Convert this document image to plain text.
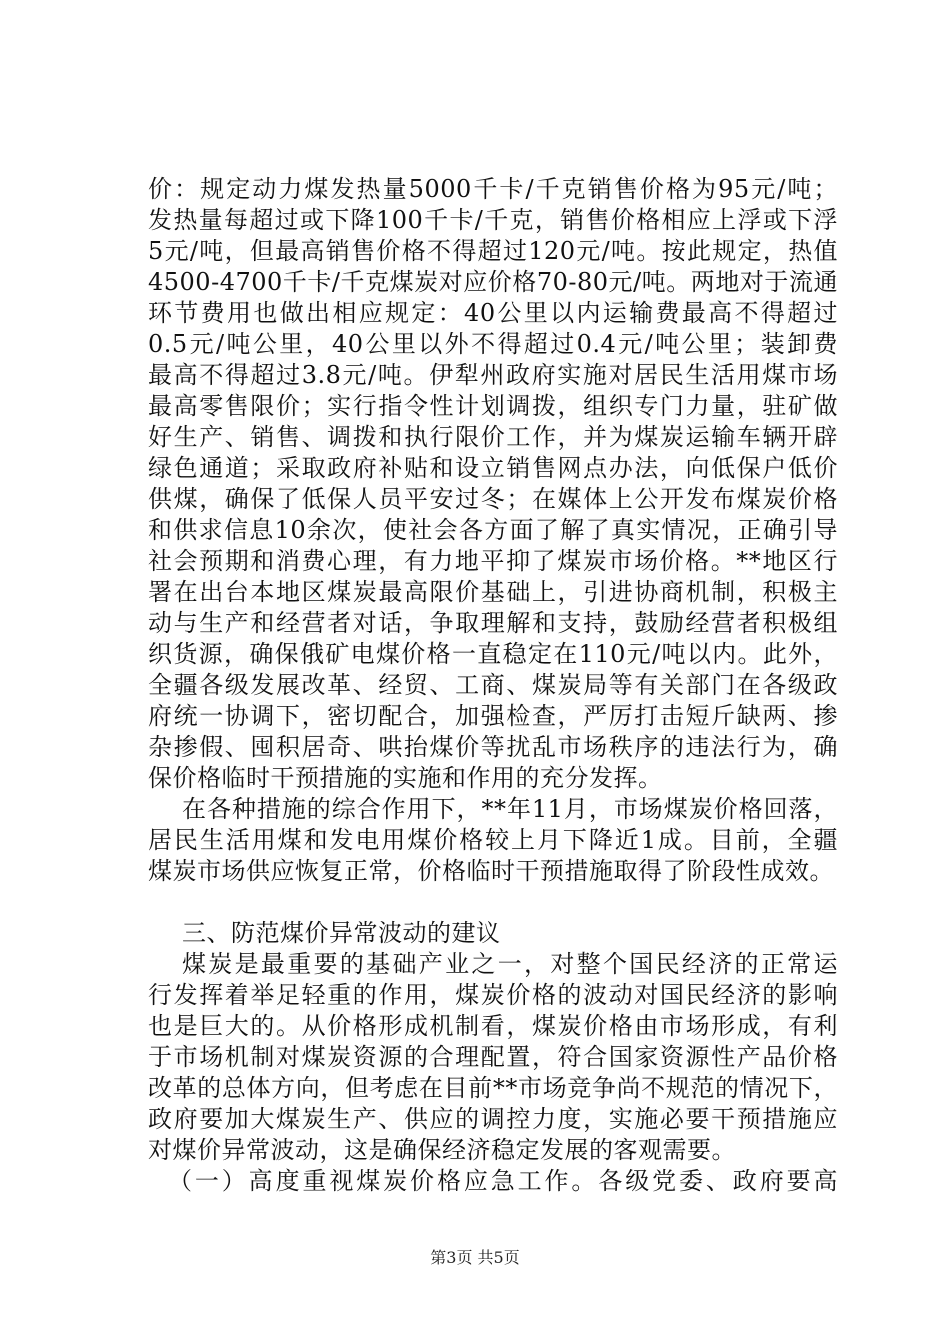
价：规定动力煤发热量5000千卡/千克销售价格为95元/吨；
发热量每超过或下降100千卡/千克，销售价格相应上浮或下浮
5元/吨，但最高销售价格不得超过120元/吨。按此规定，热值
4500-4700千卡/千克煤炭对应价格70-80元/吨。两地对于流通
环节费用也做出相应规定：40公里以内运输费最高不得超过
0.5元/吨公里，40公里以外不得超过0.4元/吨公里；装卸费
最高不得超过3.8元/吨。伊犁州政府实施对居民生活用煤市场
最高零售限价；实行指令性计划调拨，组织专门力量，驻矿做
好生产、销售、调拨和执行限价工作，并为煤炭运输车辆开辟
绿色通道；采取政府补贴和设立销售网点办法，向低保户低价
供煤，确保了低保人员平安过冬；在媒体上公开发布煤炭价格
和供求信息10余次，使社会各方面了解了真实情况，正确引导
社会预期和消费心理，有力地平抑了煤炭市场价格。**地区行
署在出台本地区煤炭最高限价基础上，引进协商机制，积极主
动与生产和经营者对话，争取理解和支持，鼓励经营者积极组
织货源，确保俄矿电煤价格一直稳定在110元/吨以内。此外，
全疆各级发展改革、经贸、工商、煤炭局等有关部门在各级政
府统一协调下，密切配合，加强检查，严厉打击短斤缺两、掺
杂掺假、囤积居奇、哄抬煤价等扰乱市场秩序的违法行为，确
保价格临时干预措施的实施和作用的充分发挥。
在各种措施的综合作用下，**年11月，市场煤炭价格回落，
居民生活用煤和发电用煤价格较上月下降近1成。目前，全疆
煤炭市场供应恢复正常，价格临时干预措施取得了阶段性成效。
三、防范煤价异常波动的建议
煤炭是最重要的基础产业之一，对整个国民经济的正常运
行发挥着举足轻重的作用，煤炭价格的波动对国民经济的影响
也是巨大的。从价格形成机制看，煤炭价格由市场形成，有利
于市场机制对煤炭资源的合理配置，符合国家资源性产品价格
改革的总体方向，但考虑在目前**市场竞争尚不规范的情况下，
政府要加大煤炭生产、供应的调控力度，实施必要干预措施应
对煤价异常波动，这是确保经济稳定发展的客观需要。
（一）高度重视煤炭价格应急工作。各级党委、政府要高
第3页 共5页
